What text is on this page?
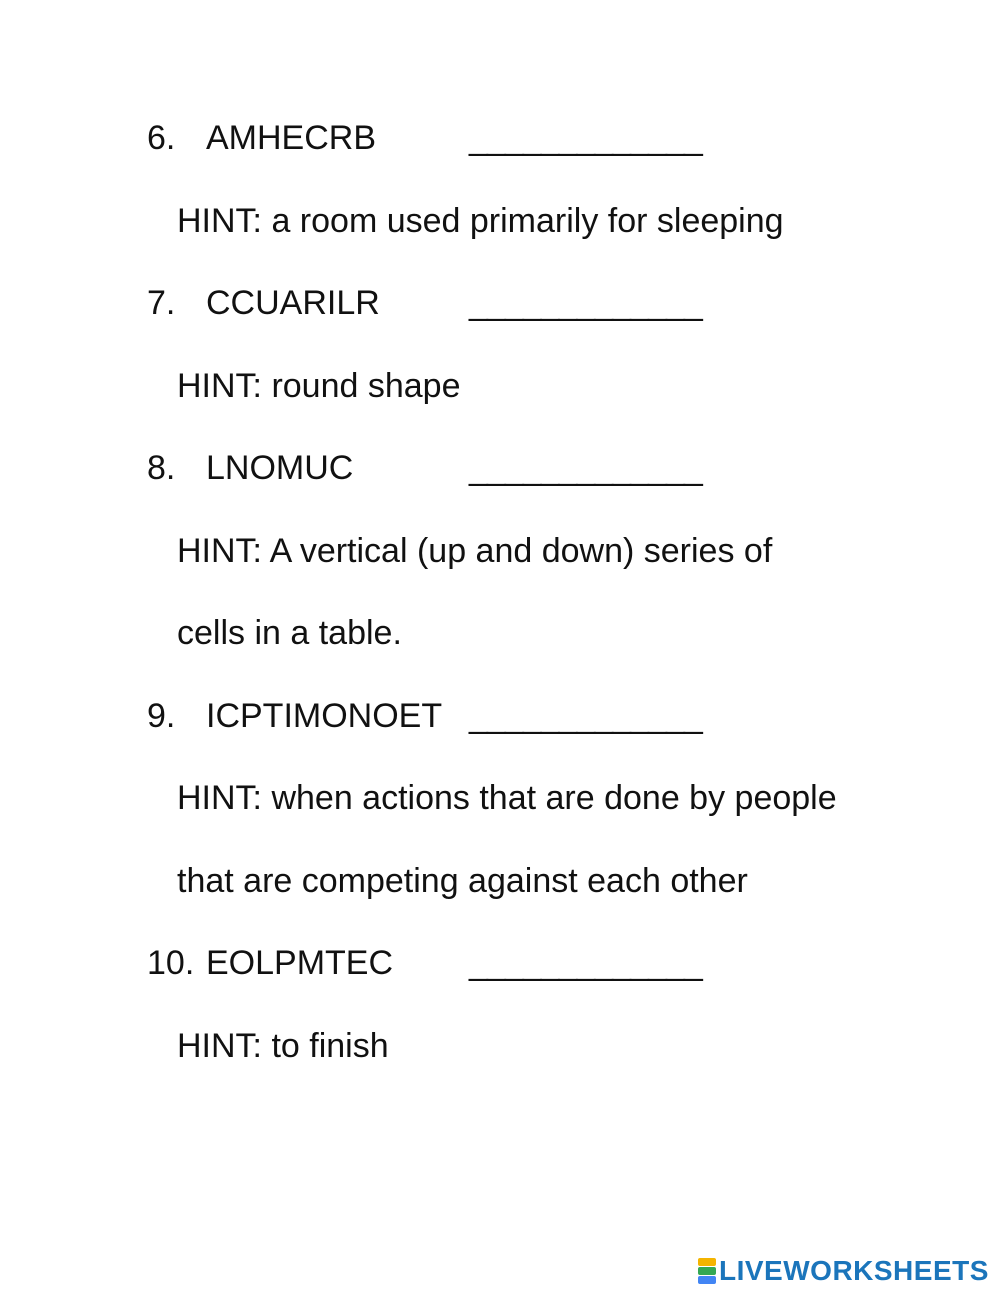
6. AMHECRB	_____________
HINT: a room used primarily for sleeping
7. CCUARILR	_____________
HINT: round shape
8. LNOMUC	_____________
HINT: A vertical (up and down) series of
cells in a table.
9. ICPTIMONOET _____________
HINT: when actions that are done by people
that are competing against each other
10. EOLPMTEC _____________
HINT: to finish
LIVEWORKSHEETS
